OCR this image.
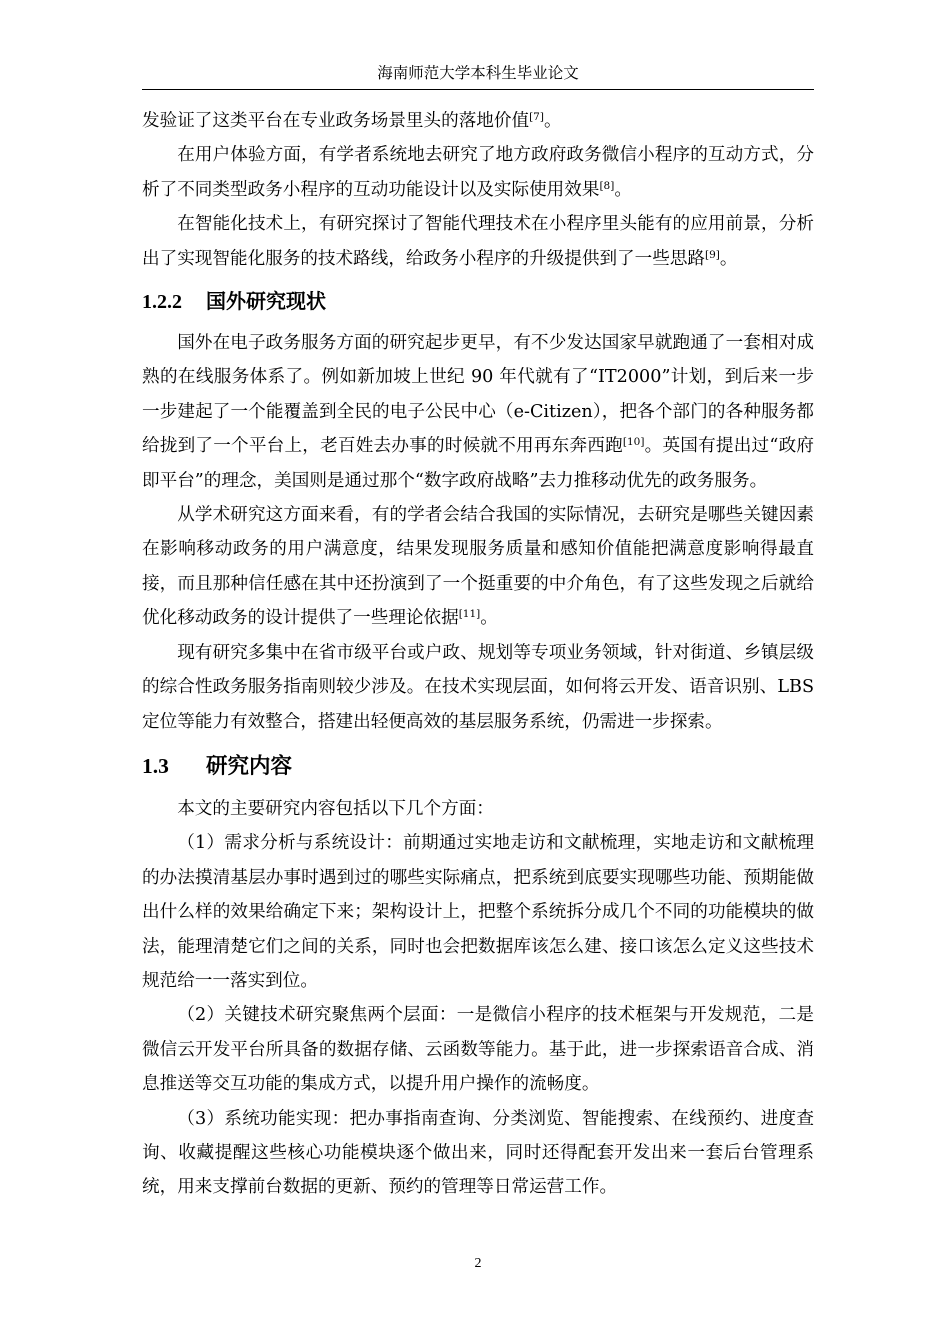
海南师范大学本科生毕业论文

发验证了这类平台在专业政务场景里头的落地价值[7]。

在用户体验方面，有学者系统地去研究了地方政府政务微信小程序的互动方式，分析了不同类型政务小程序的互动功能设计以及实际使用效果[8]。

在智能化技术上，有研究探讨了智能代理技术在小程序里头能有的应用前景，分析出了实现智能化服务的技术路线，给政务小程序的升级提供到了一些思路[9]。

1.2.2 国外研究现状

国外在电子政务服务方面的研究起步更早，有不少发达国家早就跑通了一套相对成熟的在线服务体系了。例如新加坡上世纪 90 年代就有了“IT2000”计划，到后来一步一步建起了一个能覆盖到全民的电子公民中心（e-Citizen），把各个部门的各种服务都给拢到了一个平台上，老百姓去办事的时候就不用再东奔西跑[10]。英国有提出过“政府即平台”的理念，美国则是通过那个“数字政府战略”去力推移动优先的政务服务。

从学术研究这方面来看，有的学者会结合我国的实际情况，去研究是哪些关键因素在影响移动政务的用户满意度，结果发现服务质量和感知价值能把满意度影响得最直接，而且那种信任感在其中还扮演到了一个挺重要的中介角色，有了这些发现之后就给优化移动政务的设计提供了一些理论依据[11]。

现有研究多集中在省市级平台或户政、规划等专项业务领域，针对街道、乡镇层级的综合性政务服务指南则较少涉及。在技术实现层面，如何将云开发、语音识别、LBS 定位等能力有效整合，搭建出轻便高效的基层服务系统，仍需进一步探索。

1.3 研究内容

本文的主要研究内容包括以下几个方面：

（1）需求分析与系统设计：前期通过实地走访和文献梳理，实地走访和文献梳理的办法摸清基层办事时遇到过的哪些实际痛点，把系统到底要实现哪些功能、预期能做出什么样的效果给确定下来；架构设计上，把整个系统拆分成几个不同的功能模块的做法，能理清楚它们之间的关系，同时也会把数据库该怎么建、接口该怎么定义这些技术规范给一一落实到位。

（2）关键技术研究聚焦两个层面：一是微信小程序的技术框架与开发规范，二是微信云开发平台所具备的数据存储、云函数等能力。基于此，进一步探索语音合成、消息推送等交互功能的集成方式，以提升用户操作的流畅度。

（3）系统功能实现：把办事指南查询、分类浏览、智能搜索、在线预约、进度查询、收藏提醒这些核心功能模块逐个做出来，同时还得配套开发出来一套后台管理系统，用来支撑前台数据的更新、预约的管理等日常运营工作。

2
